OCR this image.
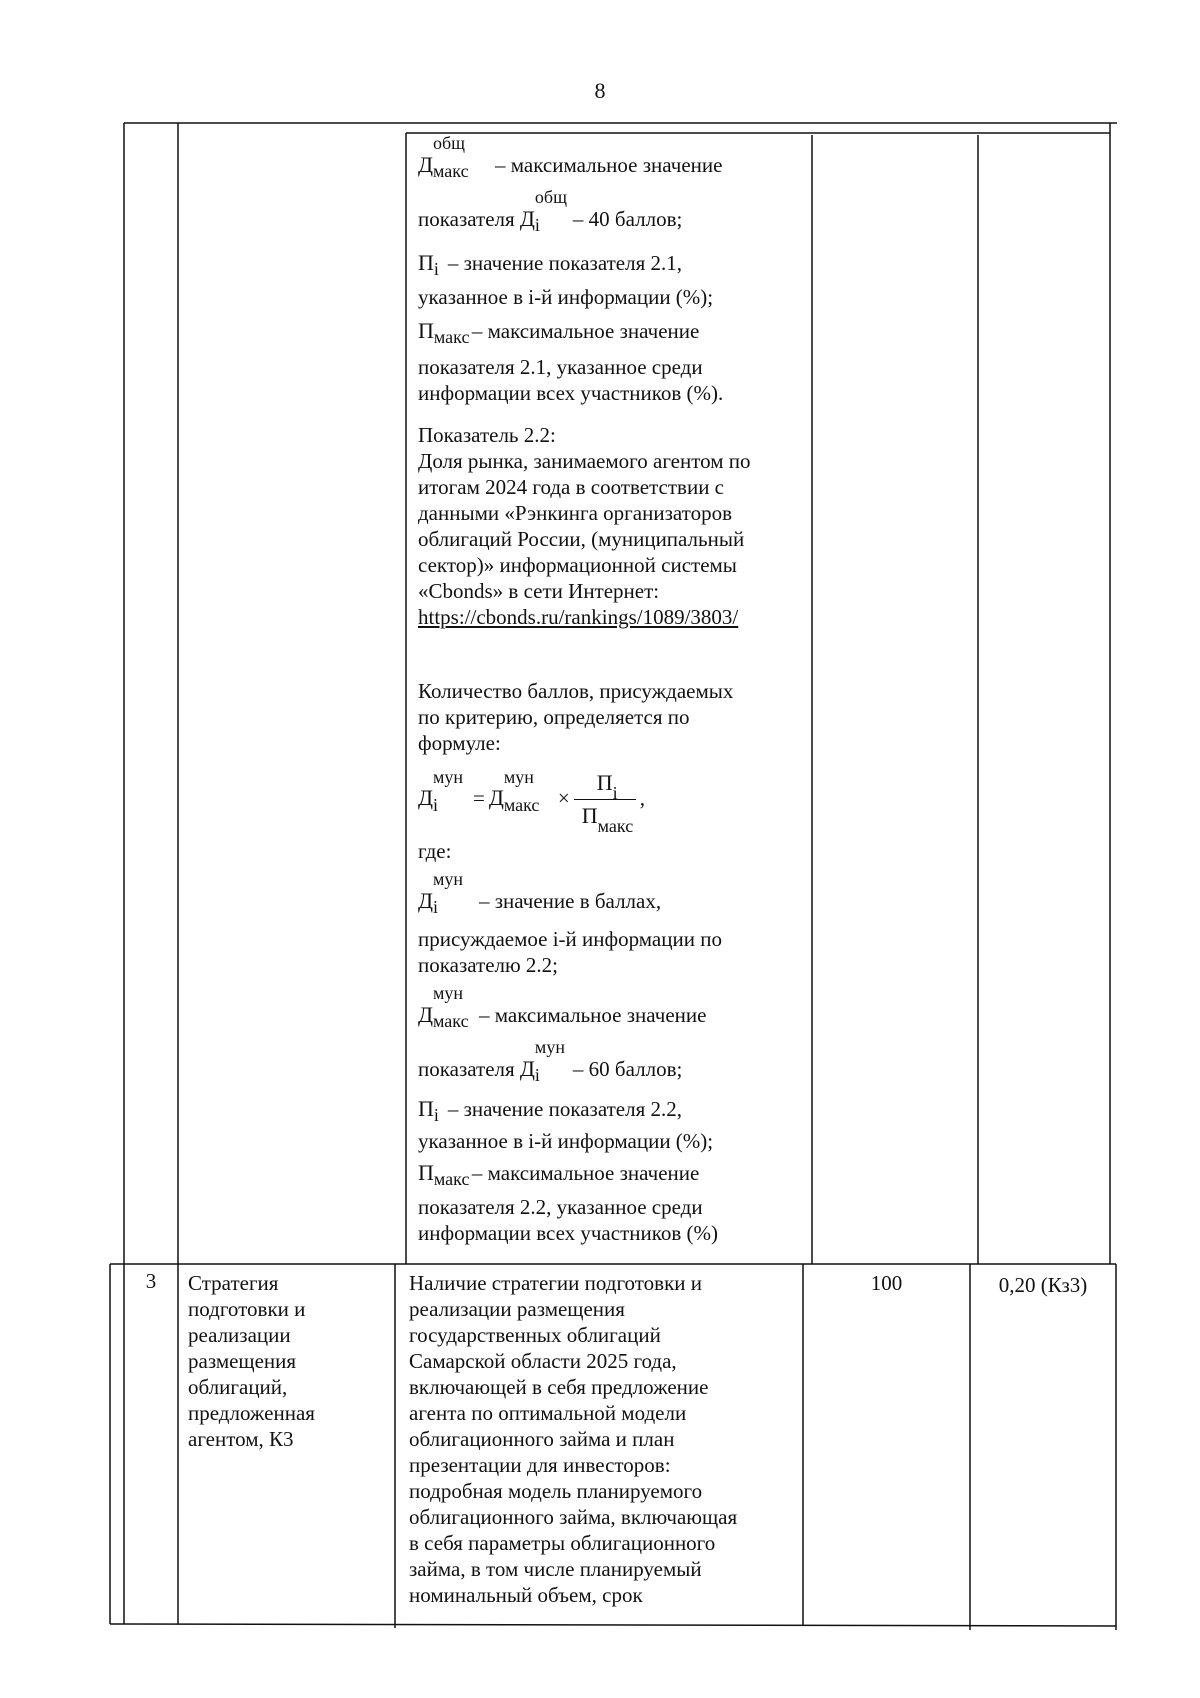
8
Д
общ
макс – максимальное значение
показателя Д
общ
i – 40 баллов;
П i – значение показателя 2.1,
указанное в i-й информации (%);
П макс – максимальное значение
показателя 2.1, указанное среди
информации всех участников (%).
Показатель 2.2:
Доля рынка, занимаемого агентом по
итогам 2024 года в соответствии с
данными «Рэнкинга организаторов
облигаций России, (муниципальный
сектор)» информационной системы
«Cbonds» в сети Интернет:
https://cbonds.ru/rankings/1089/3803/
Количество баллов, присуждаемых
по критерию, определяется по
формуле:
Д
мун
i = Д
мун
макс × $\frac{\text{П i}}{\text{П макс}}$ ,
где:
Д
мун
i – значение в баллах,
присуждаемое i-й информации по
показателю 2.2;
Д
мун
макс – максимальное значение
показателя Д
мун
i – 60 баллов;
П i – значение показателя 2.2,
указанное в i-й информации (%);
П макс – максимальное значение
показателя 2.2, указанное среди
информации всех участников (%)
3	Стратегия
подготовки и
реализации
размещения
облигаций,
предложенная
агентом, К3
Наличие стратегии подготовки и
реализации размещения
государственных облигаций
Самарской области 2025 года,
включающей в себя предложение
агента по оптимальной модели
облигационного займа и план
презентации для инвесторов:
подробная модель планируемого
облигационного займа, включающая
в себя параметры облигационного
займа, в том числе планируемый
номинальный объем, срок
100	0,20 (Кз3)
